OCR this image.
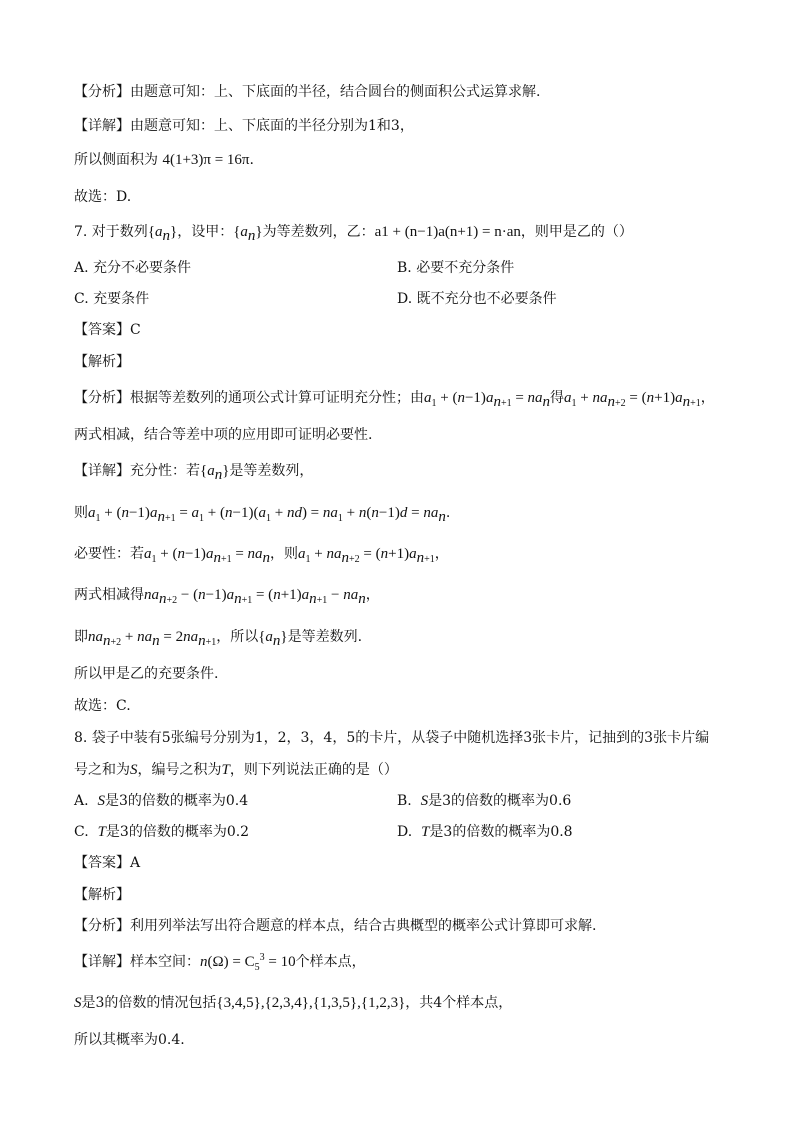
【分析】由题意可知：上、下底面的半径，结合圆台的侧面积公式运算求解.
【详解】由题意可知：上、下底面的半径分别为1和3，
所以侧面积为 4(1+3)π = 16π.
故选：D.
7. 对于数列$\{a_n\}$，设甲：$\{a_n\}$为等差数列，乙：a1 + (n−1)a(n+1) = n·an，则甲是乙的（）
A. 充分不必要条件	B. 必要不充分条件
C. 充要条件	D. 既不充分也不必要条件
【答案】C
【解析】
【分析】根据等差数列的通项公式计算可证明充分性；由$a_1 + (n-1)a_{n+1} = na_n$得$a_1 + na_{n+2} = (n+1)a_{n+1}$，
两式相减，结合等差中项的应用即可证明必要性.
【详解】充分性：若$\{a_n\}$是等差数列，
则$a_1 + (n-1)a_{n+1} = a_1 + (n-1)(a_1 + nd) = na_1 + n(n-1)d = na_n$.
必要性：若$a_1 + (n-1)a_{n+1} = na_n$，则$a_1 + na_{n+2} = (n+1)a_{n+1}$，
两式相减得$na_{n+2} - (n-1)a_{n+1} = (n+1)a_{n+1} - na_n$，
即$na_{n+2} + na_n = 2na_{n+1}$，所以$\{a_n\}$是等差数列.
所以甲是乙的充要条件.
故选：C.
8. 袋子中装有5张编号分别为1，2，3，4，5的卡片，从袋子中随机选择3张卡片，记抽到的3张卡片编
号之和为S，编号之积为T，则下列说法正确的是（）
A.  S是3的倍数的概率为0.4	B.  S是3的倍数的概率为0.6
C.  T是3的倍数的概率为0.2	D.  T是3的倍数的概率为0.8
【答案】A
【解析】
【分析】利用列举法写出符合题意的样本点，结合古典概型的概率公式计算即可求解.
【详解】样本空间：$n(\Omega) = C_5^3 = 10$个样本点，
S是3的倍数的情况包括{3,4,5},{2,3,4},{1,3,5},{1,2,3}，共4个样本点，
所以其概率为0.4.
